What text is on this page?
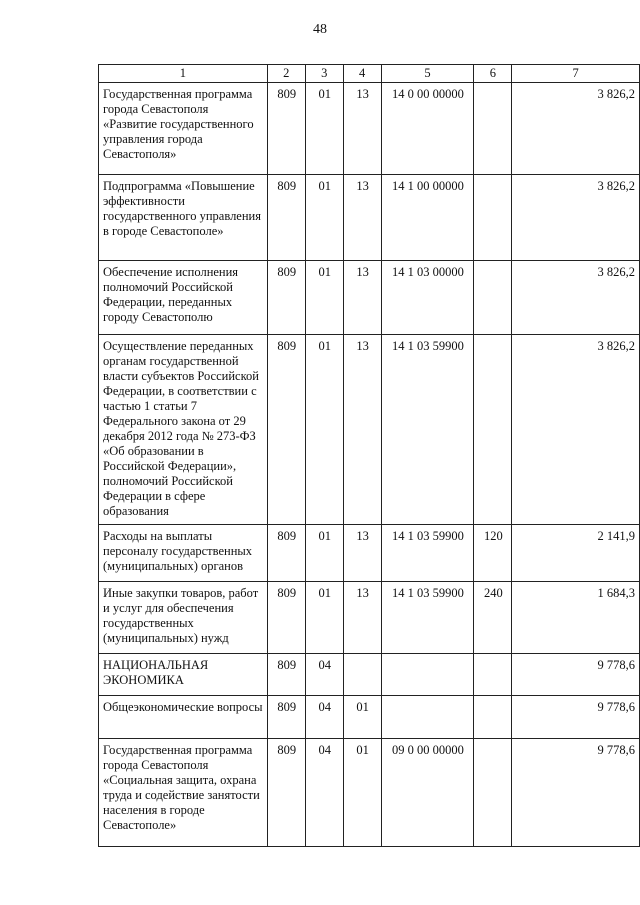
48
1	2	3	4	5	6	7
Государственная программа города Севастополя «Развитие государственного управления города Севастополя»	809	01	13	14 0 00 00000		3 826,2
Подпрограмма «Повышение эффективности государственного управления в городе Севастополе»	809	01	13	14 1 00 00000		3 826,2
Обеспечение исполнения полномочий Российской Федерации, переданных городу Севастополю	809	01	13	14 1 03 00000		3 826,2
Осуществление переданных органам государственной власти субъектов Российской Федерации, в соответствии с частью 1 статьи 7 Федерального закона от 29 декабря 2012 года № 273-ФЗ «Об образовании в Российской Федерации», полномочий Российской Федерации в сфере образования	809	01	13	14 1 03 59900		3 826,2
Расходы на выплаты персоналу государственных (муниципальных) органов	809	01	13	14 1 03 59900	120	2 141,9
Иные закупки товаров, работ и услуг для обеспечения государственных (муниципальных) нужд	809	01	13	14 1 03 59900	240	1 684,3
НАЦИОНАЛЬНАЯ ЭКОНОМИКА	809	04				9 778,6
Общеэкономические вопросы	809	04	01			9 778,6
Государственная программа города Севастополя «Социальная защита, охрана труда и содействие занятости населения в городе Севастополе»	809	04	01	09 0 00 00000		9 778,6
